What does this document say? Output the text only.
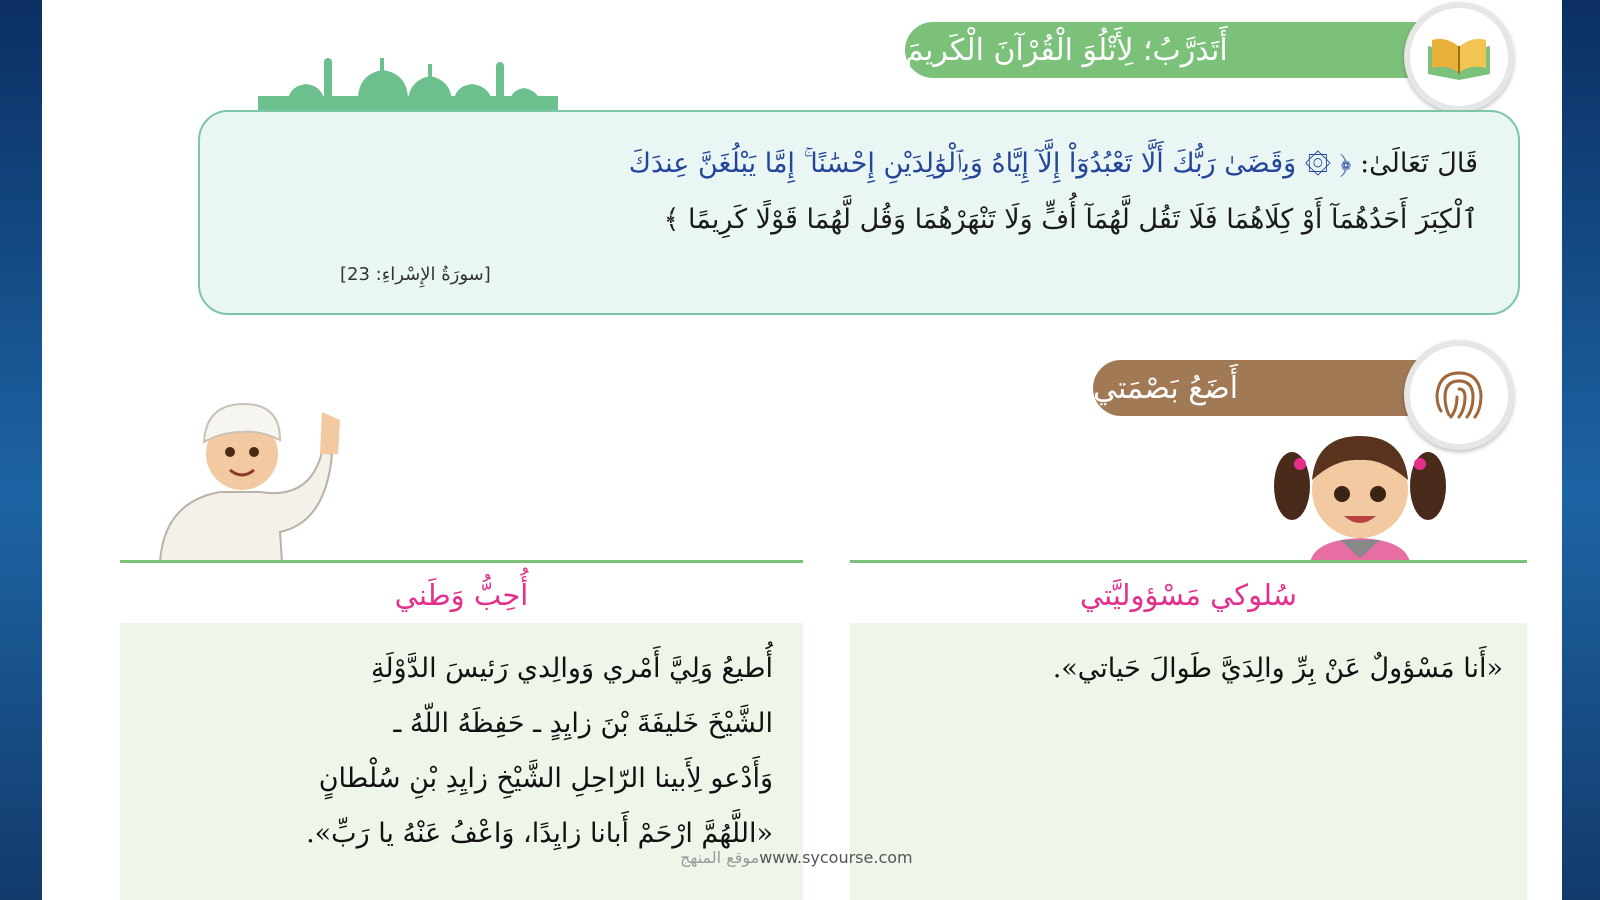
أَتَدَرَّبُ؛ لِأَتْلُوَ الْقُرْآنَ الْكَريمَ
قَالَ تَعَالَىٰ: ﴿ ۞ وَقَضَىٰ رَبُّكَ أَلَّا تَعْبُدُوٓاْ إِلَّآ إِيَّاهُ وَبِٱلْوَٰلِدَيْنِ إِحْسَٰنًا ۚ إِمَّا يَبْلُغَنَّ عِندَكَ
ٱلْكِبَرَ أَحَدُهُمَآ أَوْ كِلَاهُمَا فَلَا تَقُل لَّهُمَآ أُفٍّ وَلَا تَنْهَرْهُمَا وَقُل لَّهُمَا قَوْلًا كَرِيمًا ﴾
[سورَةُ الإِسْراءِ: 23]
أَضَعُ بَصْمَتي
أُحِبُّ وَطَني	سُلوكي مَسْؤوليَّتي

أُطيعُ وَلِيَّ أَمْري وَوالِدي رَئيسَ الدَّوْلَةِ

الشَّيْخَ خَليفَةَ بْنَ زايِدٍ ـ حَفِظَهُ اللّهُ ـ

وَأَدْعو لِأَبينا الرّاحِلِ الشَّيْخِ زايِدِ بْنِ سُلْطانٍ

«اللَّهُمَّ ارْحَمْ أَبانا زايِدًا، وَاعْفُ عَنْهُ يا رَبِّ».

«أَنا مَسْؤولٌ عَنْ بِرِّ والِدَيَّ طَوالَ حَياتي».

موقع المنهجwww.sycourse.com
